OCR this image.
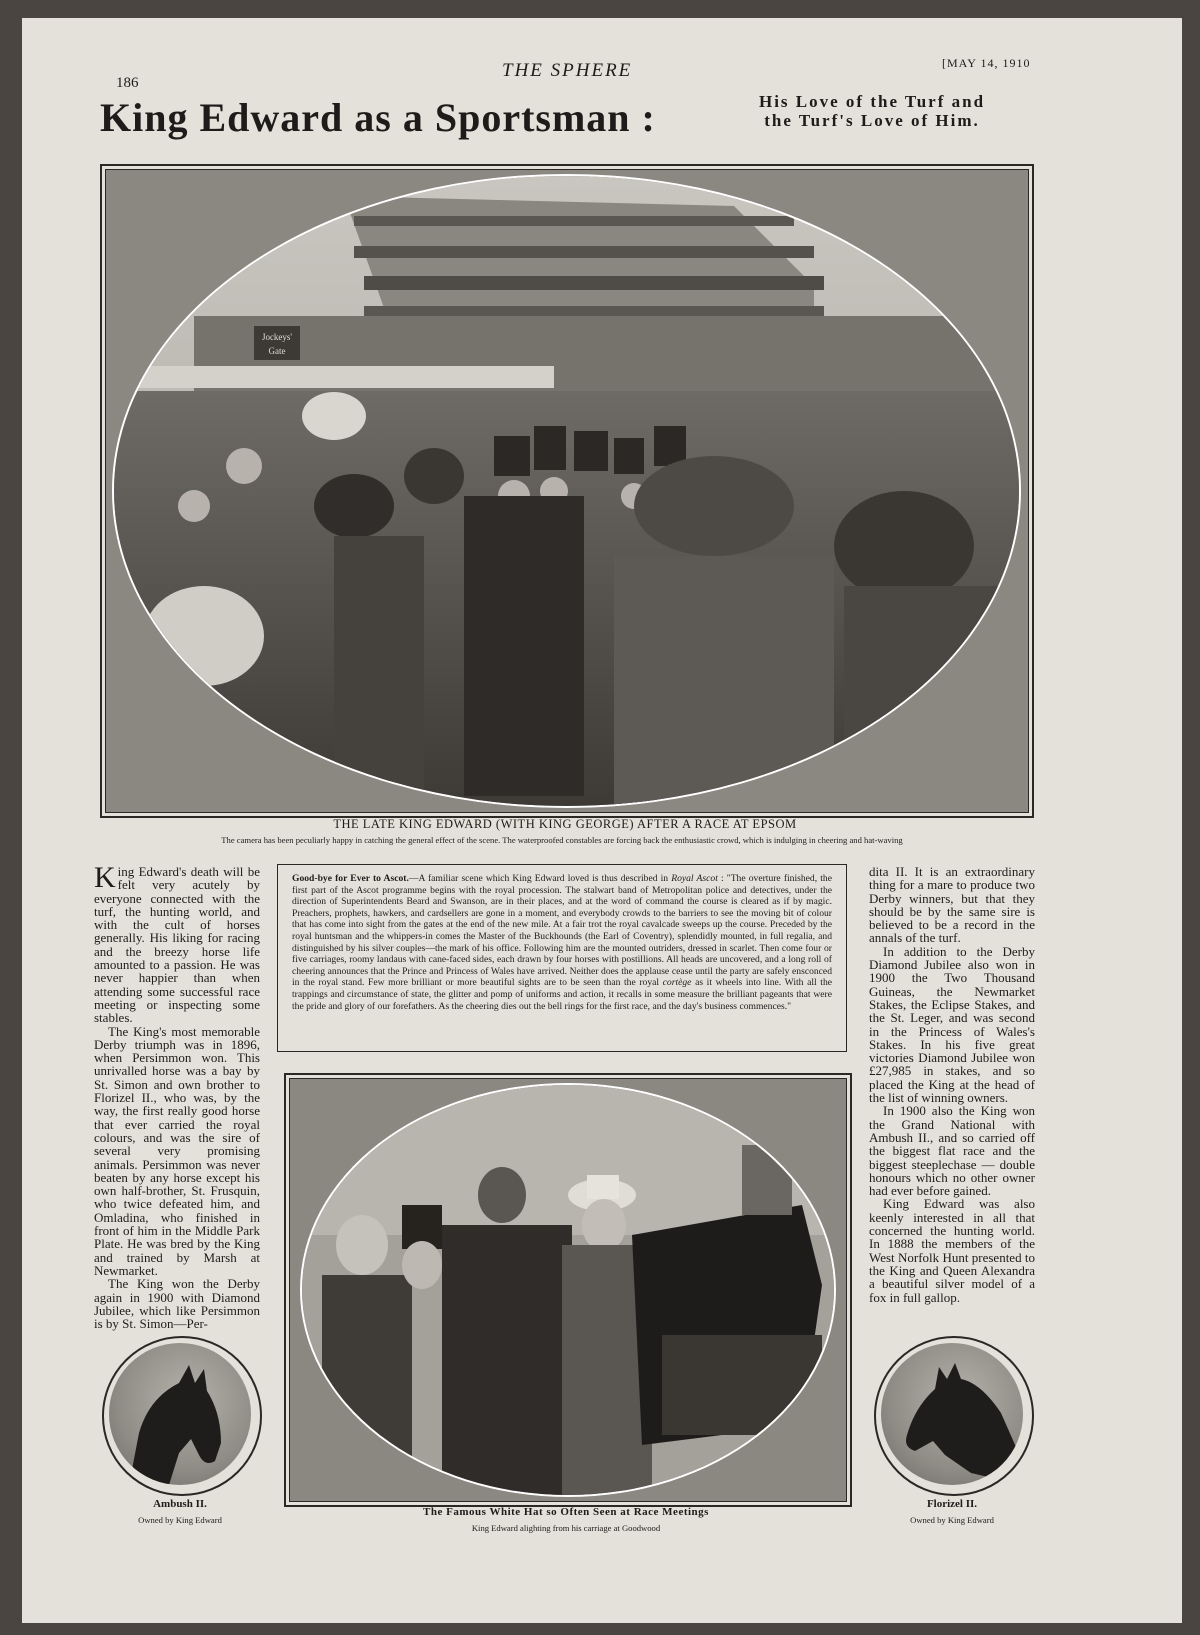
186
THE SPHERE	[MAY 14, 1910
King Edward as a Sportsman :	His Love of the Turf and
the Turf's Love of Him.
Jockeys'
Gate
THE LATE KING EDWARD (WITH KING GEORGE) AFTER A RACE AT EPSOM
The camera has been peculiarly happy in catching the general effect of the scene. The waterproofed constables are forcing back the enthusiastic crowd, which is indulging in cheering and hat-waving

King Edward's death will be felt very acutely by everyone connected with the turf, the hunting world, and with the cult of horses generally. His liking for racing and the breezy horse life amounted to a passion. He was never happier than when attending some successful race meeting or inspecting some stables.

The King's most memorable Derby triumph was in 1896, when Persimmon won. This unrivalled horse was a bay by St. Simon and own brother to Florizel II., who was, by the way, the first really good horse that ever carried the royal colours, and was the sire of several very promising animals. Persimmon was never beaten by any horse except his own half-brother, St. Frusquin, who twice defeated him, and Omladina, who finished in front of him in the Middle Park Plate. He was bred by the King and trained by Marsh at Newmarket.

The King won the Derby again in 1900 with Diamond Jubilee, which like Persimmon is by St. Simon—Per-

Good-bye for Ever to Ascot.—A familiar scene which King Edward loved is thus described in Royal Ascot : "The overture finished, the first part of the Ascot programme begins with the royal procession. The stalwart band of Metropolitan police and detectives, under the direction of Superintendents Beard and Swanson, are in their places, and at the word of command the course is cleared as if by magic. Preachers, prophets, hawkers, and cardsellers are gone in a moment, and everybody crowds to the barriers to see the moving bit of colour that has come into sight from the gates at the end of the new mile. At a fair trot the royal cavalcade sweeps up the course. Preceded by the royal huntsman and the whippers-in comes the Master of the Buckhounds (the Earl of Coventry), splendidly mounted, in full regalia, and distinguished by his silver couples—the mark of his office. Following him are the mounted outriders, dressed in scarlet. Then come four or five carriages, roomy landaus with cane-faced sides, each drawn by four horses with postillions. All heads are uncovered, and a long roll of cheering announces that the Prince and Princess of Wales have arrived. Neither does the applause cease until the party are safely ensconced in the royal stand. Few more brilliant or more beautiful sights are to be seen than the royal cortège as it wheels into line. With all the trappings and circumstance of state, the glitter and pomp of uniforms and action, it recalls in some measure the brilliant pageants that were the pride and glory of our forefathers. As the cheering dies out the bell rings for the first race, and the day's business commences."

dita II. It is an extraordinary thing for a mare to produce two Derby winners, but that they should be by the same sire is believed to be a record in the annals of the turf.

In addition to the Derby Diamond Jubilee also won in 1900 the Two Thousand Guineas, the Newmarket Stakes, the Eclipse Stakes, and the St. Leger, and was second in the Princess of Wales's Stakes. In his five great victories Diamond Jubilee won £27,985 in stakes, and so placed the King at the head of the list of winning owners.

In 1900 also the King won the Grand National with Ambush II., and so carried off the biggest flat race and the biggest steeplechase — double honours which no other owner had ever before gained.

King Edward was also keenly interested in all that concerned the hunting world. In 1888 the members of the West Norfolk Hunt presented to the King and Queen Alexandra a beautiful silver model of a fox in full gallop.

The Famous White Hat so Often Seen at Race Meetings
King Edward alighting from his carriage at Goodwood
Ambush II.
Owned by King Edward
Florizel II.
Owned by King Edward
